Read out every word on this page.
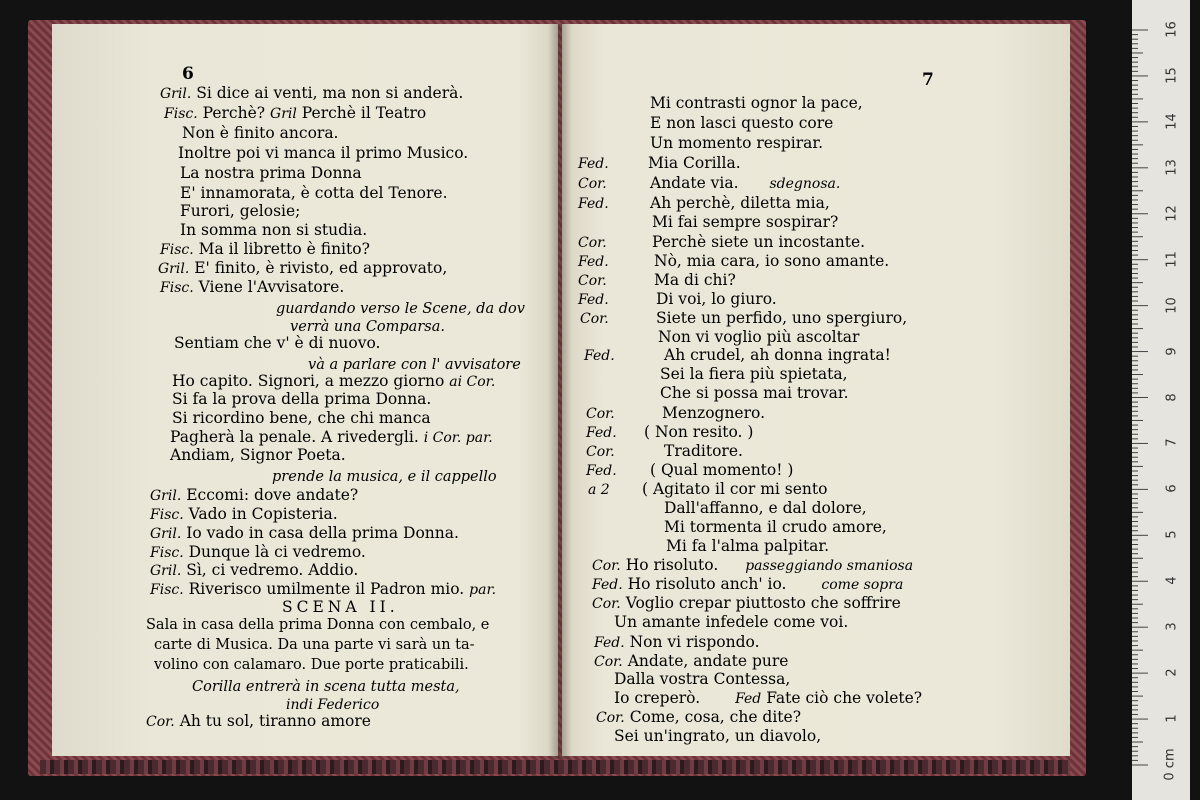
6
Gril. Si dice ai venti, ma non si anderà.
Fisc. Perchè? Gril Perchè il Teatro
Non è finito ancora.
Inoltre poi vi manca il primo Musico.
La nostra prima Donna
E' innamorata, è cotta del Tenore.
Furori, gelosie;
In somma non si studia.
Fisc. Ma il libretto è finito?
Gril. E' finito, è rivisto, ed approvato,
Fisc. Viene l'Avvisatore.
guardando verso le Scene, da dov
verrà una Comparsa.
Sentiam che v' è di nuovo.
và a parlare con l' avvisatore
Ho capito. Signori, a mezzo giorno ai Cor.
Si fa la prova della prima Donna.
Si ricordino bene, che chi manca
Pagherà la penale. A rivedergli. i Cor. par.
Andiam, Signor Poeta.
prende la musica, e il cappello
Gril. Eccomi: dove andate?
Fisc. Vado in Copisteria.
Gril. Io vado in casa della prima Donna.
Fisc. Dunque là ci vedremo.
Gril. Sì, ci vedremo. Addio.
Fisc. Riverisco umilmente il Padron mio. par.
SCENA II.
Sala in casa della prima Donna con cembalo, e
carte di Musica. Da una parte vi sarà un ta-
volino con calamaro. Due porte praticabili.
Corilla entrerà in scena tutta mesta,
indi Federico
Cor. Ah tu sol, tiranno amore
7
Mi contrasti ognor la pace,
E non lasci questo core
Un momento respirar.
Fed.	Mia Corilla.
Cor.	Andate via. sdegnosa.
Fed.	Ah perchè, diletta mia,
Mi fai sempre sospirar?
Cor.	Perchè siete un incostante.
Fed.	Nò, mia cara, io sono amante.
Cor.	Ma di chi?
Fed.	Di voi, lo giuro.
Cor.	Siete un perfido, uno spergiuro,
Non vi voglio più ascoltar
Fed.	Ah crudel, ah donna ingrata!
Sei la fiera più spietata,
Che si possa mai trovar.
Cor.	Menzognero.
Fed. ( Non resito. )
Cor.	Traditore.
Fed. ( Qual momento! )
a 2 ( Agitato il cor mi sento
Dall'affanno, e dal dolore,
Mi tormenta il crudo amore,
Mi fa l'alma palpitar.
Cor. Ho risoluto. passeggiando smaniosa
Fed. Ho risoluto anch' io. come sopra
Cor. Voglio crepar piuttosto che soffrire
Un amante infedele come voi.
Fed. Non vi rispondo.
Cor. Andate, andate pure
Dalla vostra Contessa,
Io creperò. Fed Fate ciò che volete?
Cor. Come, cosa, che dite?
Sei un'ingrato, un diavolo,
16
15
14
13
12
11
10
9
8
7
6
5
4
3
2
1
0 cm
